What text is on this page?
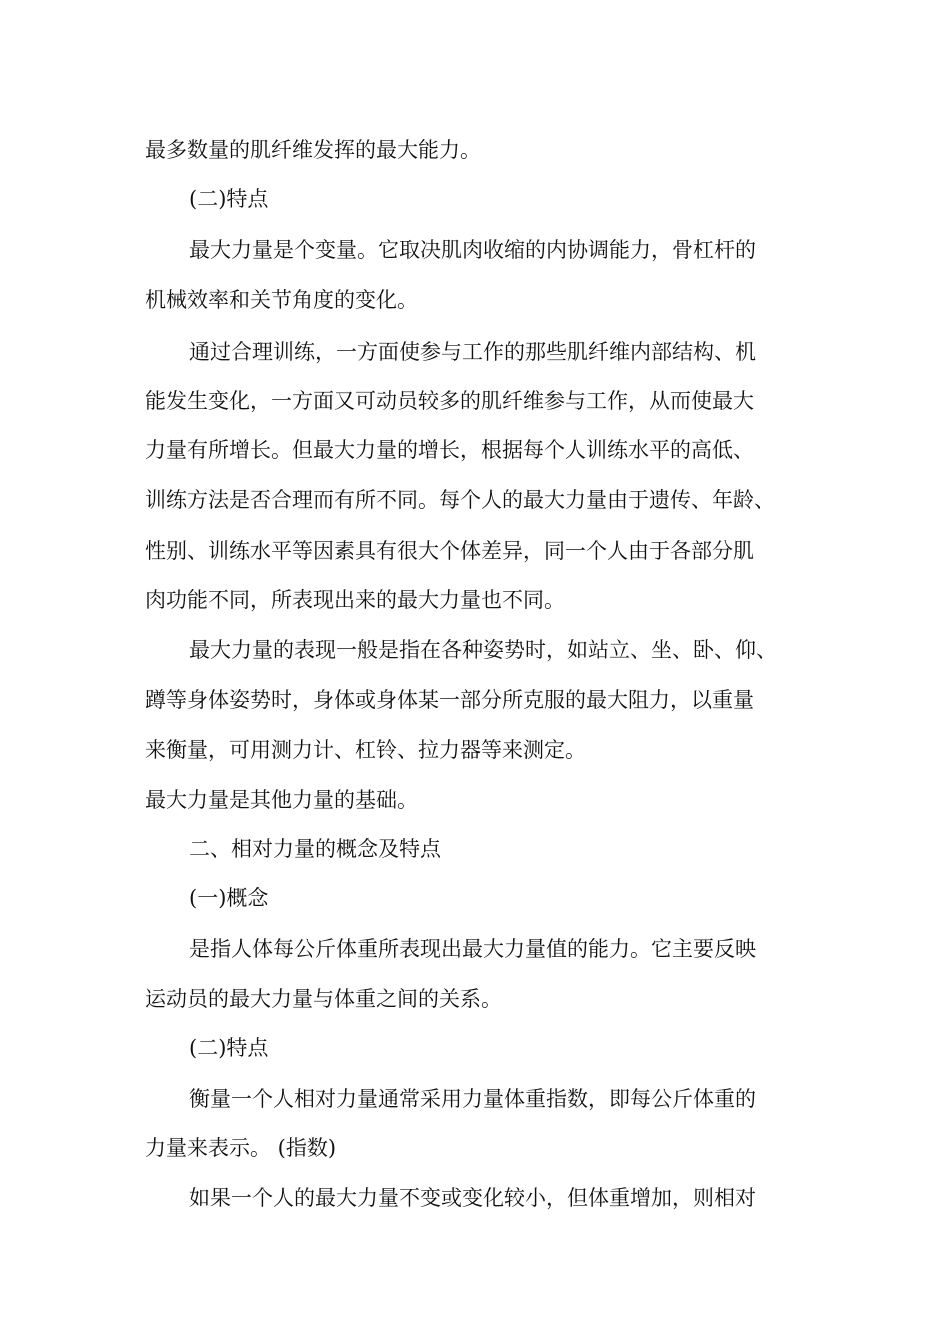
最多数量的肌纤维发挥的最大能力。
(二)特点
最大力量是个变量。它取决肌肉收缩的内协调能力，骨杠杆的
机械效率和关节角度的变化。
通过合理训练，一方面使参与工作的那些肌纤维内部结构、机
能发生变化，一方面又可动员较多的肌纤维参与工作，从而使最大
力量有所增长。但最大力量的增长，根据每个人训练水平的高低、
训练方法是否合理而有所不同。每个人的最大力量由于遗传、年龄、
性别、训练水平等因素具有很大个体差异，同一个人由于各部分肌
肉功能不同，所表现出来的最大力量也不同。
最大力量的表现一般是指在各种姿势时，如站立、坐、卧、仰、
蹲等身体姿势时，身体或身体某一部分所克服的最大阻力，以重量
来衡量，可用测力计、杠铃、拉力器等来测定。
最大力量是其他力量的基础。
二、相对力量的概念及特点
(一)概念
是指人体每公斤体重所表现出最大力量值的能力。它主要反映
运动员的最大力量与体重之间的关系。
(二)特点
衡量一个人相对力量通常采用力量体重指数，即每公斤体重的
力量来表示。 (指数)
如果一个人的最大力量不变或变化较小，但体重增加，则相对
